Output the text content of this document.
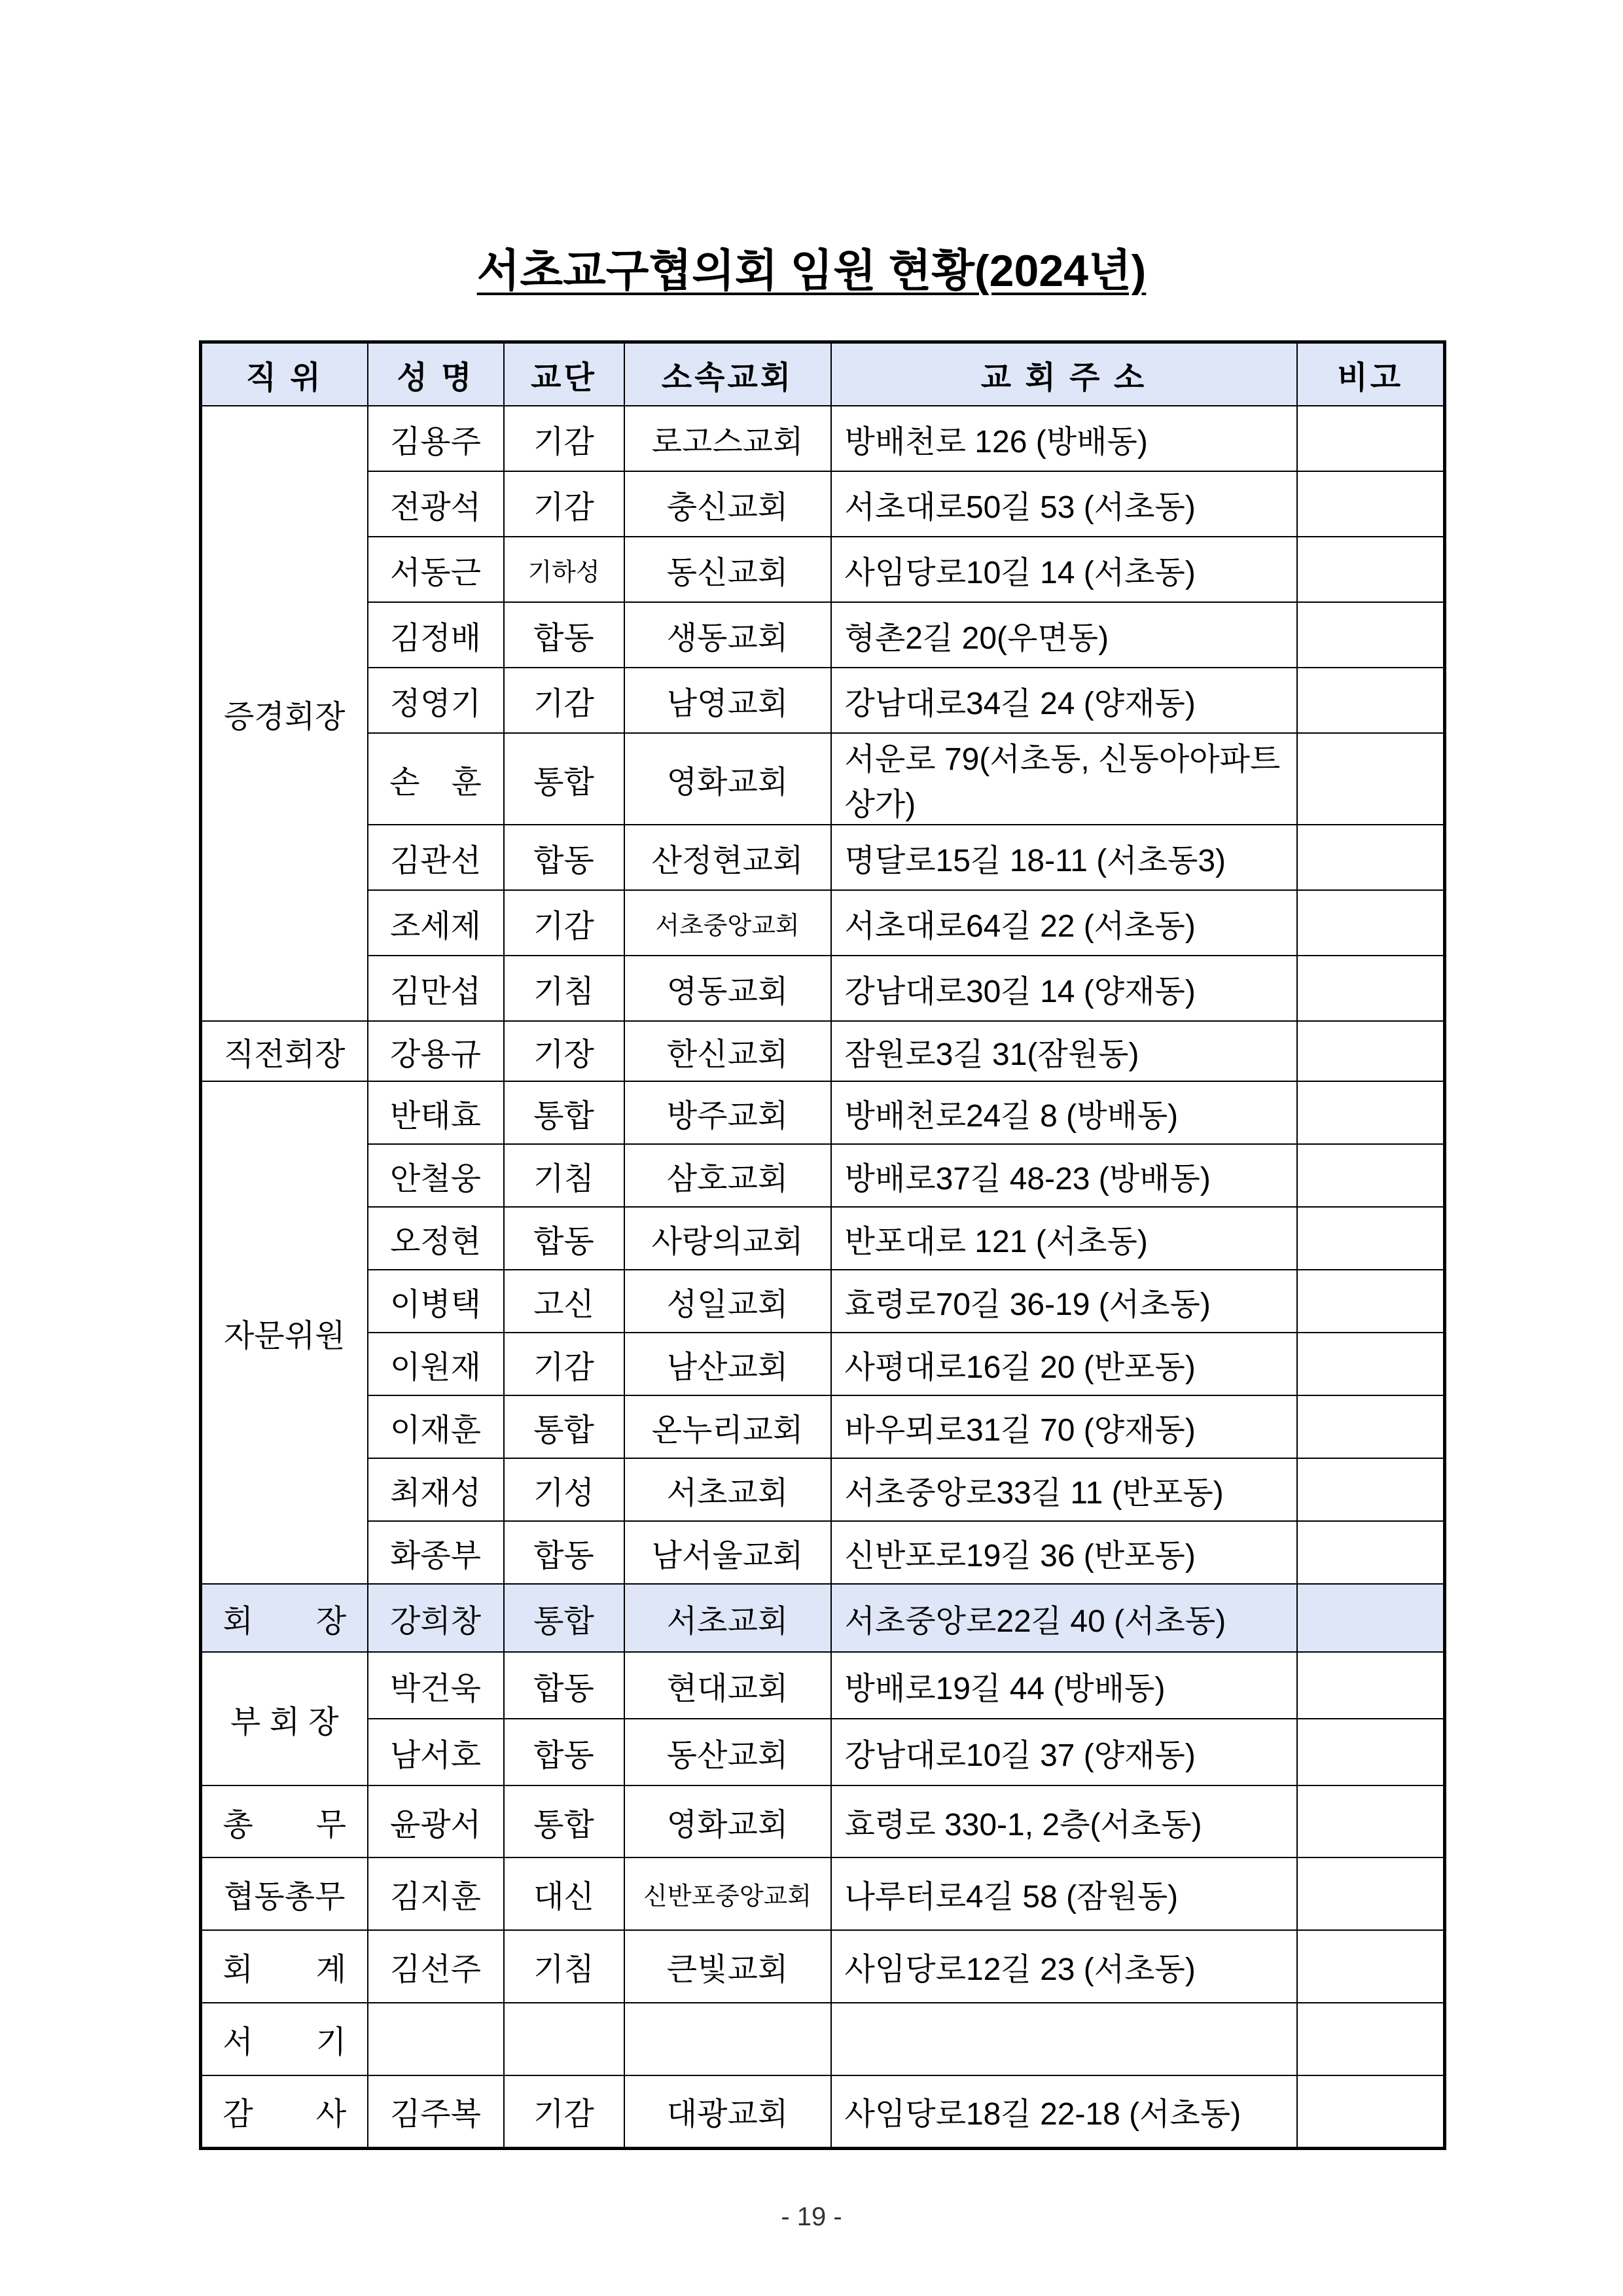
서초교구협의회 임원 현황(2024년)
직 위	성 명	교단	소속교회	교 회 주 소	비고
증경회장	김용주	기감	로고스교회	방배천로 126 (방배동)	
	전광석	기감	충신교회	서초대로50길 53 (서초동)	
	서동근	기하성	동신교회	사임당로10길 14 (서초동)	
	김정배	합동	생동교회	형촌2길 20(우면동)	
	정영기	기감	남영교회	강남대로34길 24 (양재동)	
	손　훈	통합	영화교회	서운로 79(서초동, 신동아아파트상가)	
	김관선	합동	산정현교회	명달로15길 18-11 (서초동3)	
	조세제	기감	서초중앙교회	서초대로64길 22 (서초동)	
	김만섭	기침	영동교회	강남대로30길 14 (양재동)	
직전회장	강용규	기장	한신교회	잠원로3길 31(잠원동)	
자문위원	반태효	통합	방주교회	방배천로24길 8 (방배동)	
	안철웅	기침	삼호교회	방배로37길 48-23 (방배동)	
	오정현	합동	사랑의교회	반포대로 121 (서초동)	
	이병택	고신	성일교회	효령로70길 36-19 (서초동)	
	이원재	기감	남산교회	사평대로16길 20 (반포동)	
	이재훈	통합	온누리교회	바우뫼로31길 70 (양재동)	
	최재성	기성	서초교회	서초중앙로33길 11 (반포동)	
	화종부	합동	남서울교회	신반포로19길 36 (반포동)	
회　　장	강희창	통합	서초교회	서초중앙로22길 40 (서초동)	
부 회 장	박건욱	합동	현대교회	방배로19길 44 (방배동)	
	남서호	합동	동산교회	강남대로10길 37 (양재동)	
총　　무	윤광서	통합	영화교회	효령로 330-1, 2층(서초동)	
협동총무	김지훈	대신	신반포중앙교회	나루터로4길 58 (잠원동)	
회　　계	김선주	기침	큰빛교회	사임당로12길 23 (서초동)	
서　　기					
감　　사	김주복	기감	대광교회	사임당로18길 22-18 (서초동)	
- 19 -
